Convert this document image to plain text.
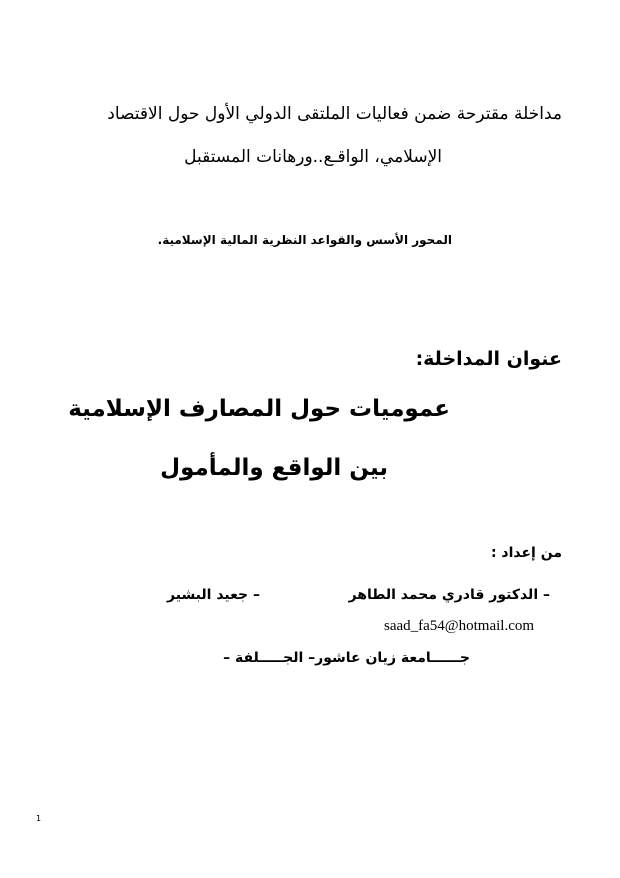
مداخلة مقترحة ضمن فعاليات الملتقى الدولي الأول حول الاقتصاد
الإسلامي، الواقـع..ورهانات المستقبل
المحور الأسس والقواعد النظرية المالية الإسلامية.
عنوان المداخلة:
عموميات حول المصارف الإسلامية
بين الواقع والمأمول
من إعداد :
– الدكتور قادري محمد الطاهر
– جعيد البشير
saad_fa54@hotmail.com
جــــــامعة زيان عاشور– الجـــــلفة –
1
